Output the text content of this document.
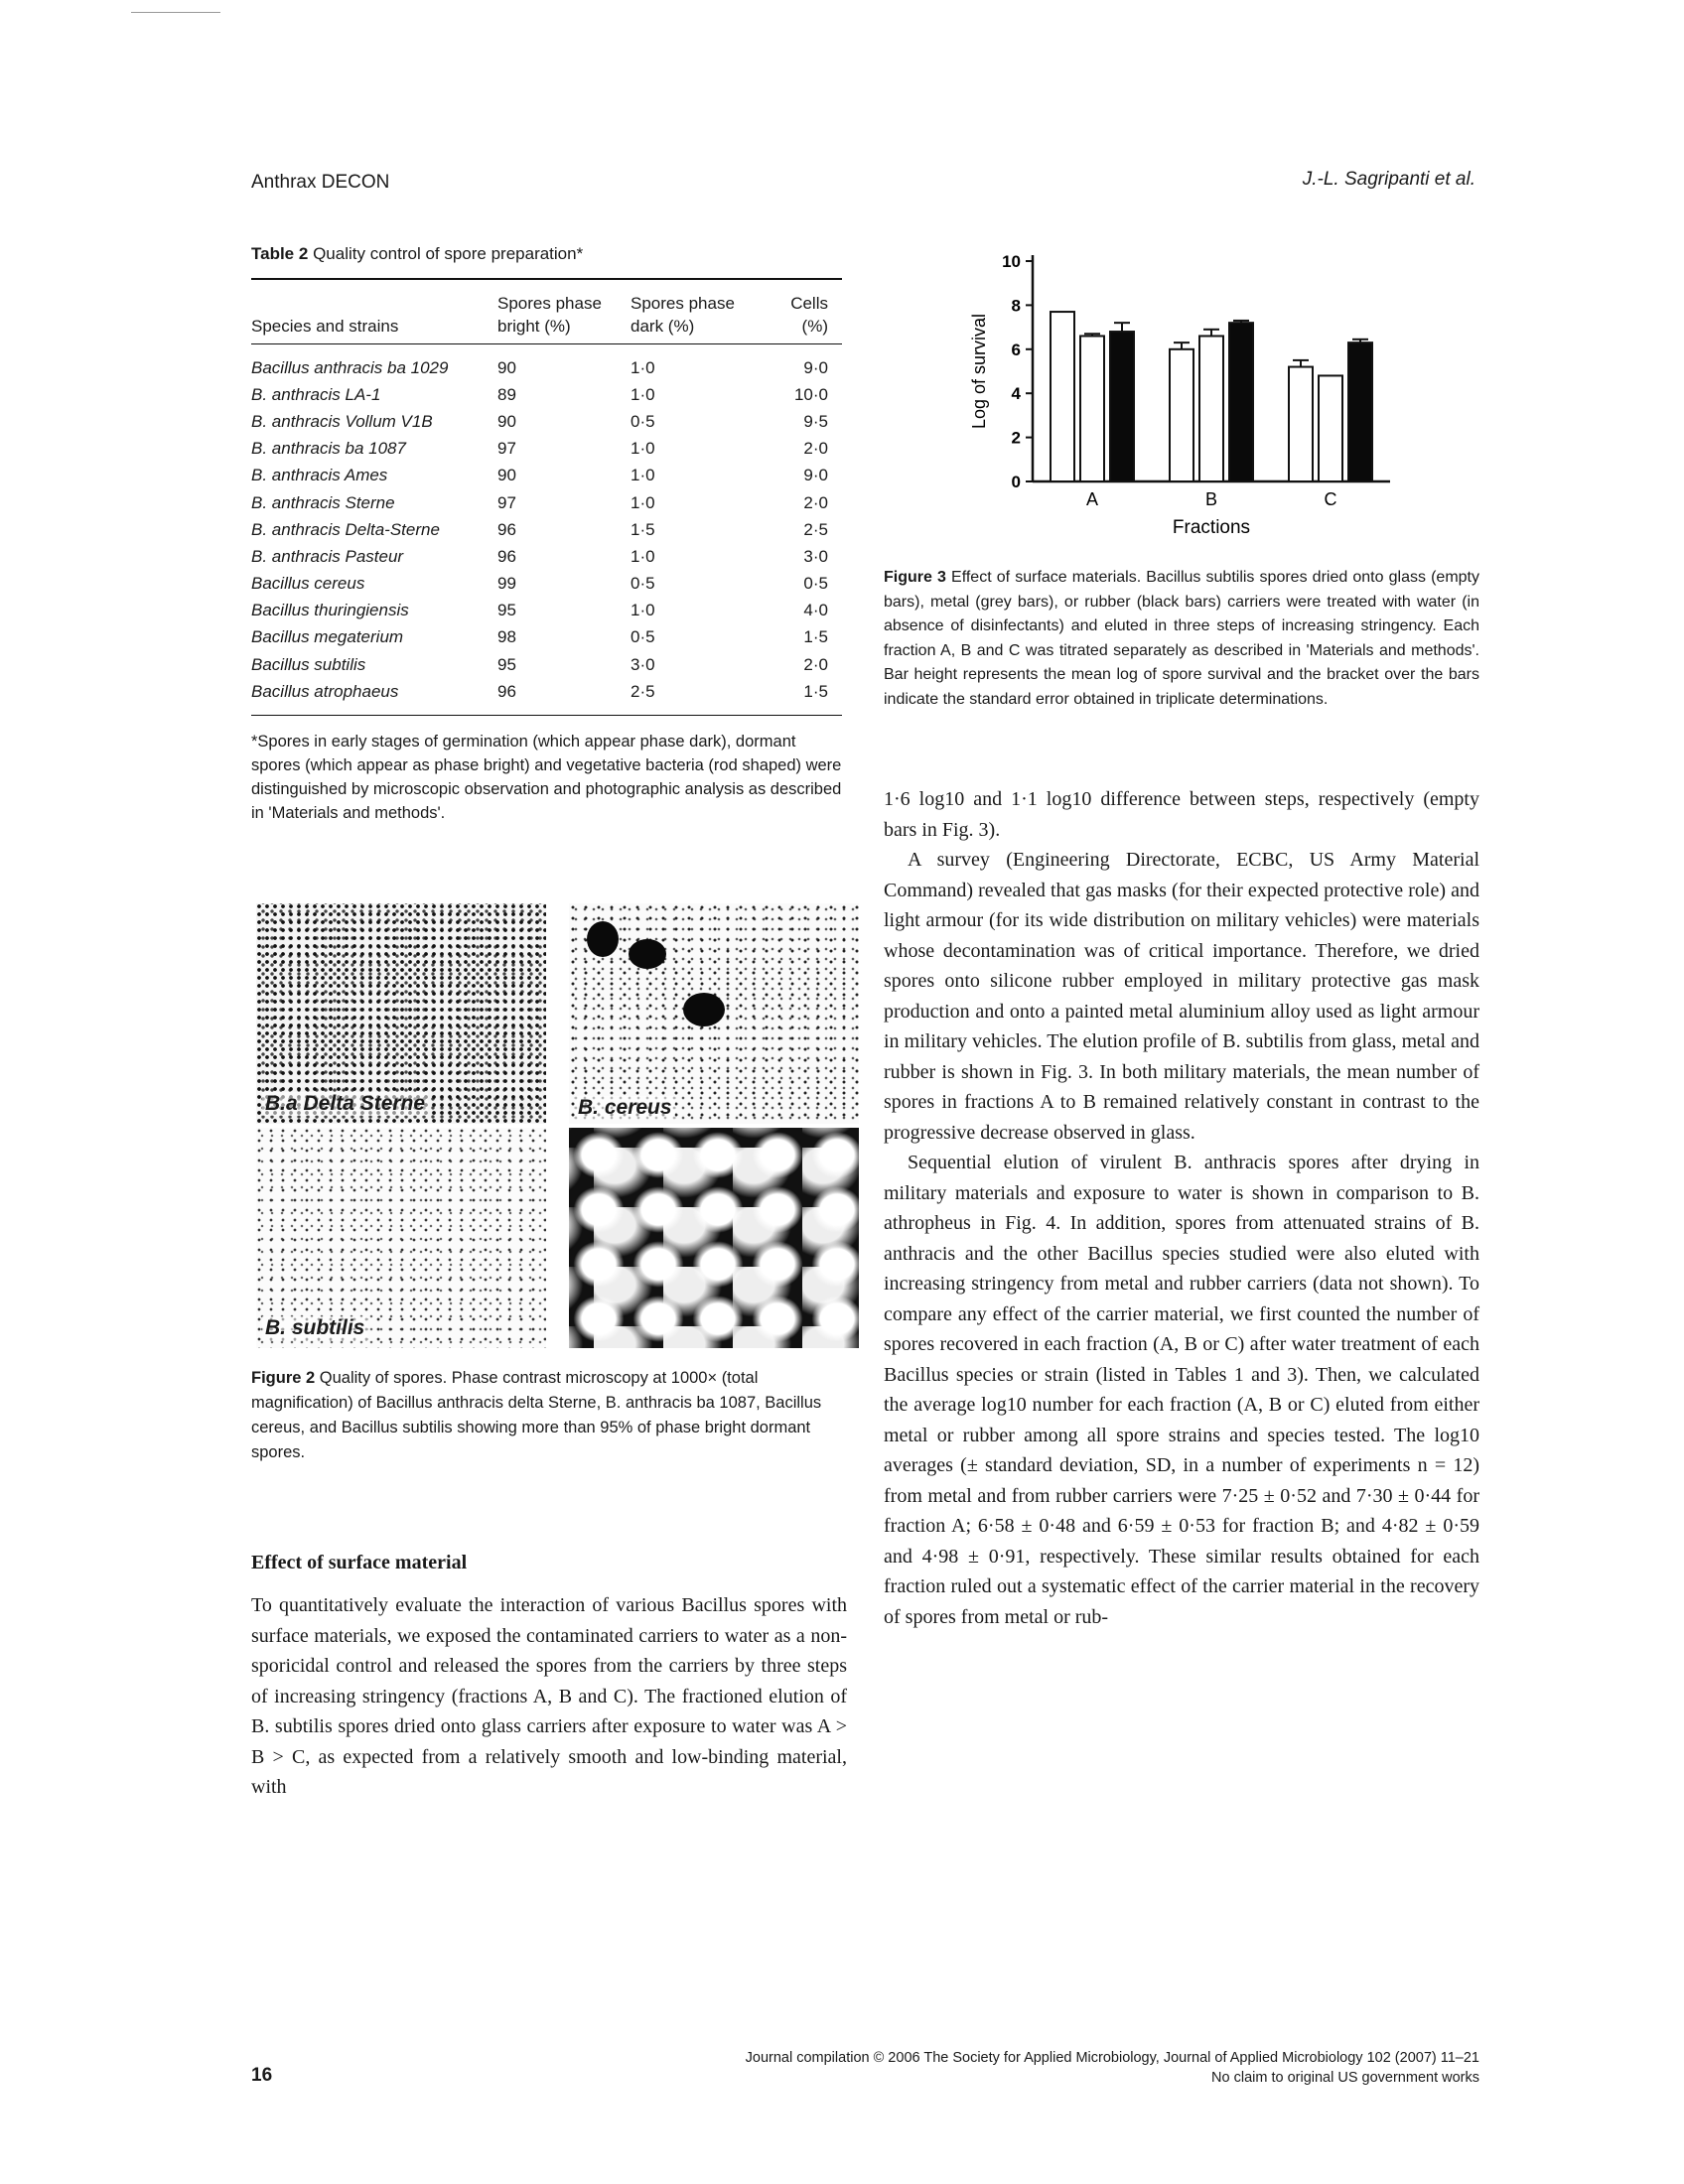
Anthrax DECON	J.-L. Sagripanti et al.
Table 2 Quality control of spore preparation*

Species and strains	Spores phase bright (%)	Spores phase dark (%)	Cells (%)
Bacillus anthracis ba 1029	90	1·0	9·0
B. anthracis LA-1	89	1·0	10·0
B. anthracis Vollum V1B	90	0·5	9·5
B. anthracis ba 1087	97	1·0	2·0
B. anthracis Ames	90	1·0	9·0
B. anthracis Sterne	97	1·0	2·0
B. anthracis Delta-Sterne	96	1·5	2·5
B. anthracis Pasteur	96	1·0	3·0
Bacillus cereus	99	0·5	0·5
Bacillus thuringiensis	95	1·0	4·0
Bacillus megaterium	98	0·5	1·5
Bacillus subtilis	95	3·0	2·0
Bacillus atrophaeus	96	2·5	1·5
*Spores in early stages of germination (which appear phase dark), dormant spores (which appear as phase bright) and vegetative bacteria (rod shaped) were distinguished by microscopic observation and photographic analysis as described in 'Materials and methods'.
B.a Delta Sterne	B. cereus
B. subtilis
Figure 2 Quality of spores. Phase contrast microscopy at 1000× (total magnification) of Bacillus anthracis delta Sterne, B. anthracis ba 1087, Bacillus cereus, and Bacillus subtilis showing more than 95% of phase bright dormant spores.
Effect of surface material
To quantitatively evaluate the interaction of various Bacillus spores with surface materials, we exposed the contaminated carriers to water as a non-sporicidal control and released the spores from the carriers by three steps of increasing stringency (fractions A, B and C). The fractioned elution of B. subtilis spores dried onto glass carriers after exposure to water was A > B > C, as expected from a relatively smooth and low-binding material, with
0
2
4
6
8
10
Log of survival
A	B	C
Fractions
Figure 3 Effect of surface materials. Bacillus subtilis spores dried onto glass (empty bars), metal (grey bars), or rubber (black bars) carriers were treated with water (in absence of disinfectants) and eluted in three steps of increasing stringency. Each fraction A, B and C was titrated separately as described in 'Materials and methods'. Bar height represents the mean log of spore survival and the bracket over the bars indicate the standard error obtained in triplicate determinations.

1·6 log10 and 1·1 log10 difference between steps, respectively (empty bars in Fig. 3).

A survey (Engineering Directorate, ECBC, US Army Material Command) revealed that gas masks (for their expected protective role) and light armour (for its wide distribution on military vehicles) were materials whose decontamination was of critical importance. Therefore, we dried spores onto silicone rubber employed in military protective gas mask production and onto a painted metal aluminium alloy used as light armour in military vehicles. The elution profile of B. subtilis from glass, metal and rubber is shown in Fig. 3. In both military materials, the mean number of spores in fractions A to B remained relatively constant in contrast to the progressive decrease observed in glass.

Sequential elution of virulent B. anthracis spores after drying in military materials and exposure to water is shown in comparison to B. athropheus in Fig. 4. In addition, spores from attenuated strains of B. anthracis and the other Bacillus species studied were also eluted with increasing stringency from metal and rubber carriers (data not shown). To compare any effect of the carrier material, we first counted the number of spores recovered in each fraction (A, B or C) after water treatment of each Bacillus species or strain (listed in Tables 1 and 3). Then, we calculated the average log10 number for each fraction (A, B or C) eluted from either metal or rubber among all spore strains and species tested. The log10 averages (± standard deviation, SD, in a number of experiments n = 12) from metal and from rubber carriers were 7·25 ± 0·52 and 7·30 ± 0·44 for fraction A; 6·58 ± 0·48 and 6·59 ± 0·53 for fraction B; and 4·82 ± 0·59 and 4·98 ± 0·91, respectively. These similar results obtained for each fraction ruled out a systematic effect of the carrier material in the recovery of spores from metal or rub-

Journal compilation © 2006 The Society for Applied Microbiology, Journal of Applied Microbiology 102 (2007) 11–21
No claim to original US government works
16
